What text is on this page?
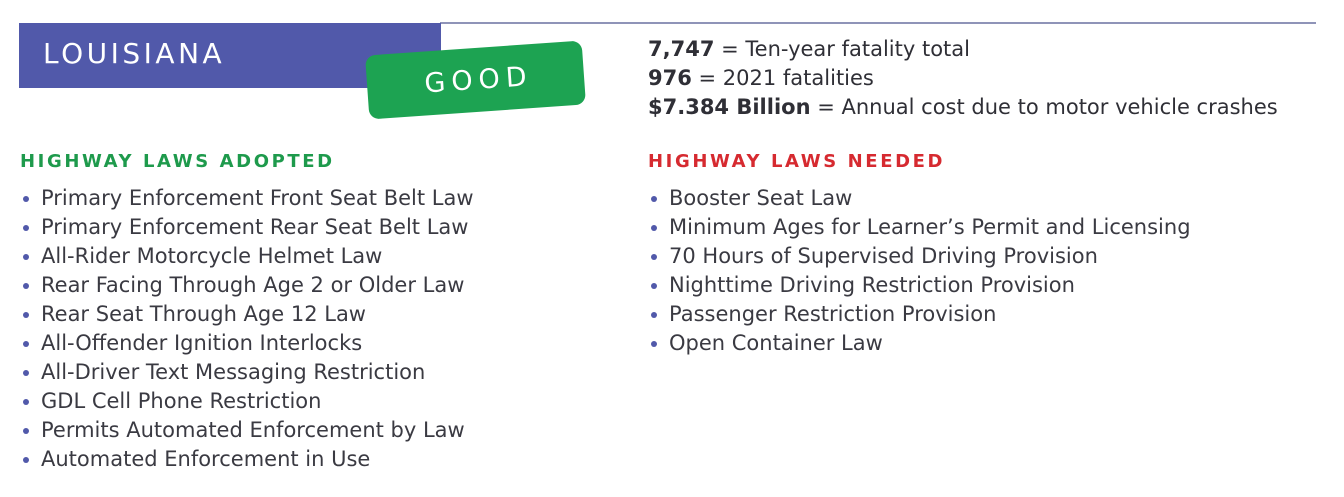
LOUISIANA
GOOD
7,747 = Ten-year fatality total
976 = 2021 fatalities
$7.384 Billion = Annual cost due to motor vehicle crashes
HIGHWAY LAWS ADOPTED
Primary Enforcement Front Seat Belt Law
Primary Enforcement Rear Seat Belt Law
All-Rider Motorcycle Helmet Law
Rear Facing Through Age 2 or Older Law
Rear Seat Through Age 12 Law
All-Offender Ignition Interlocks
All-Driver Text Messaging Restriction
GDL Cell Phone Restriction
Permits Automated Enforcement by Law
Automated Enforcement in Use
HIGHWAY LAWS NEEDED
Booster Seat Law
Minimum Ages for Learner’s Permit and Licensing
70 Hours of Supervised Driving Provision
Nighttime Driving Restriction Provision
Passenger Restriction Provision
Open Container Law
